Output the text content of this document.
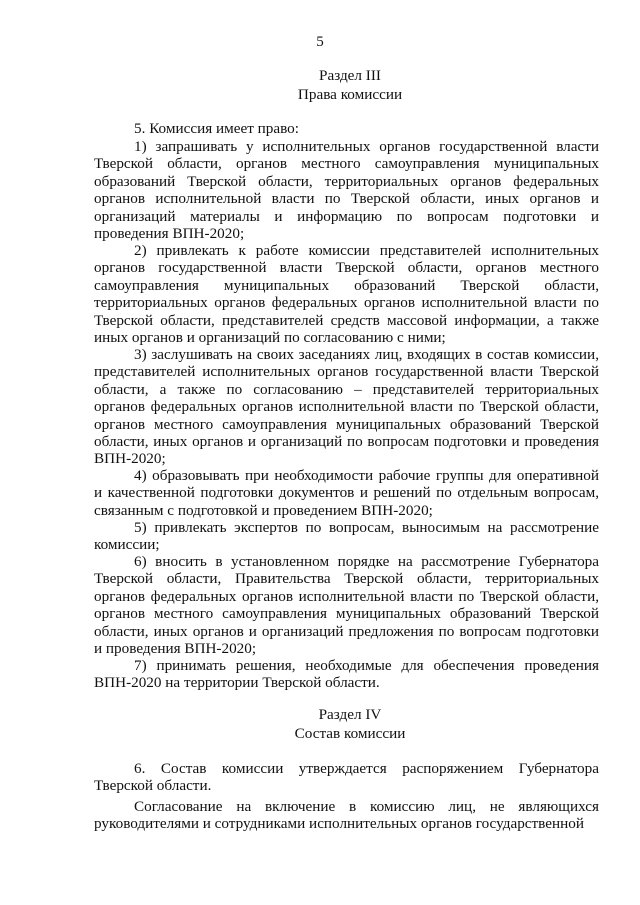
5
Раздел III
Права комиссии

5. Комиссия имеет право:

1) запрашивать у исполнительных органов государственной власти Тверской области, органов местного самоуправления муниципальных образований Тверской области, территориальных органов федеральных органов исполнительной власти по Тверской области, иных органов и организаций материалы и информацию по вопросам подготовки и проведения ВПН-2020;

2) привлекать к работе комиссии представителей исполнительных органов государственной власти Тверской области, органов местного самоуправления муниципальных образований Тверской области, территориальных органов федеральных органов исполнительной власти по Тверской области, представителей средств массовой информации, а также иных органов и организаций по согласованию с ними;

3) заслушивать на своих заседаниях лиц, входящих в состав комиссии, представителей исполнительных органов государственной власти Тверской области, а также по согласованию – представителей территориальных органов федеральных органов исполнительной власти по Тверской области, органов местного самоуправления муниципальных образований Тверской области, иных органов и организаций по вопросам подготовки и проведения ВПН-2020;

4) образовывать при необходимости рабочие группы для оперативной и качественной подготовки документов и решений по отдельным вопросам, связанным с подготовкой и проведением ВПН-2020;

5) привлекать экспертов по вопросам, выносимым на рассмотрение комиссии;

6) вносить в установленном порядке на рассмотрение Губернатора Тверской области, Правительства Тверской области, территориальных органов федеральных органов исполнительной власти по Тверской области, органов местного самоуправления муниципальных образований Тверской области, иных органов и организаций предложения по вопросам подготовки и проведения ВПН-2020;

7) принимать решения, необходимые для обеспечения проведения ВПН-2020 на территории Тверской области.

Раздел IV
Состав комиссии

6. Состав комиссии утверждается распоряжением Губернатора Тверской области.

Согласование на включение в комиссию лиц, не являющихся руководителями и сотрудниками исполнительных органов государственной
